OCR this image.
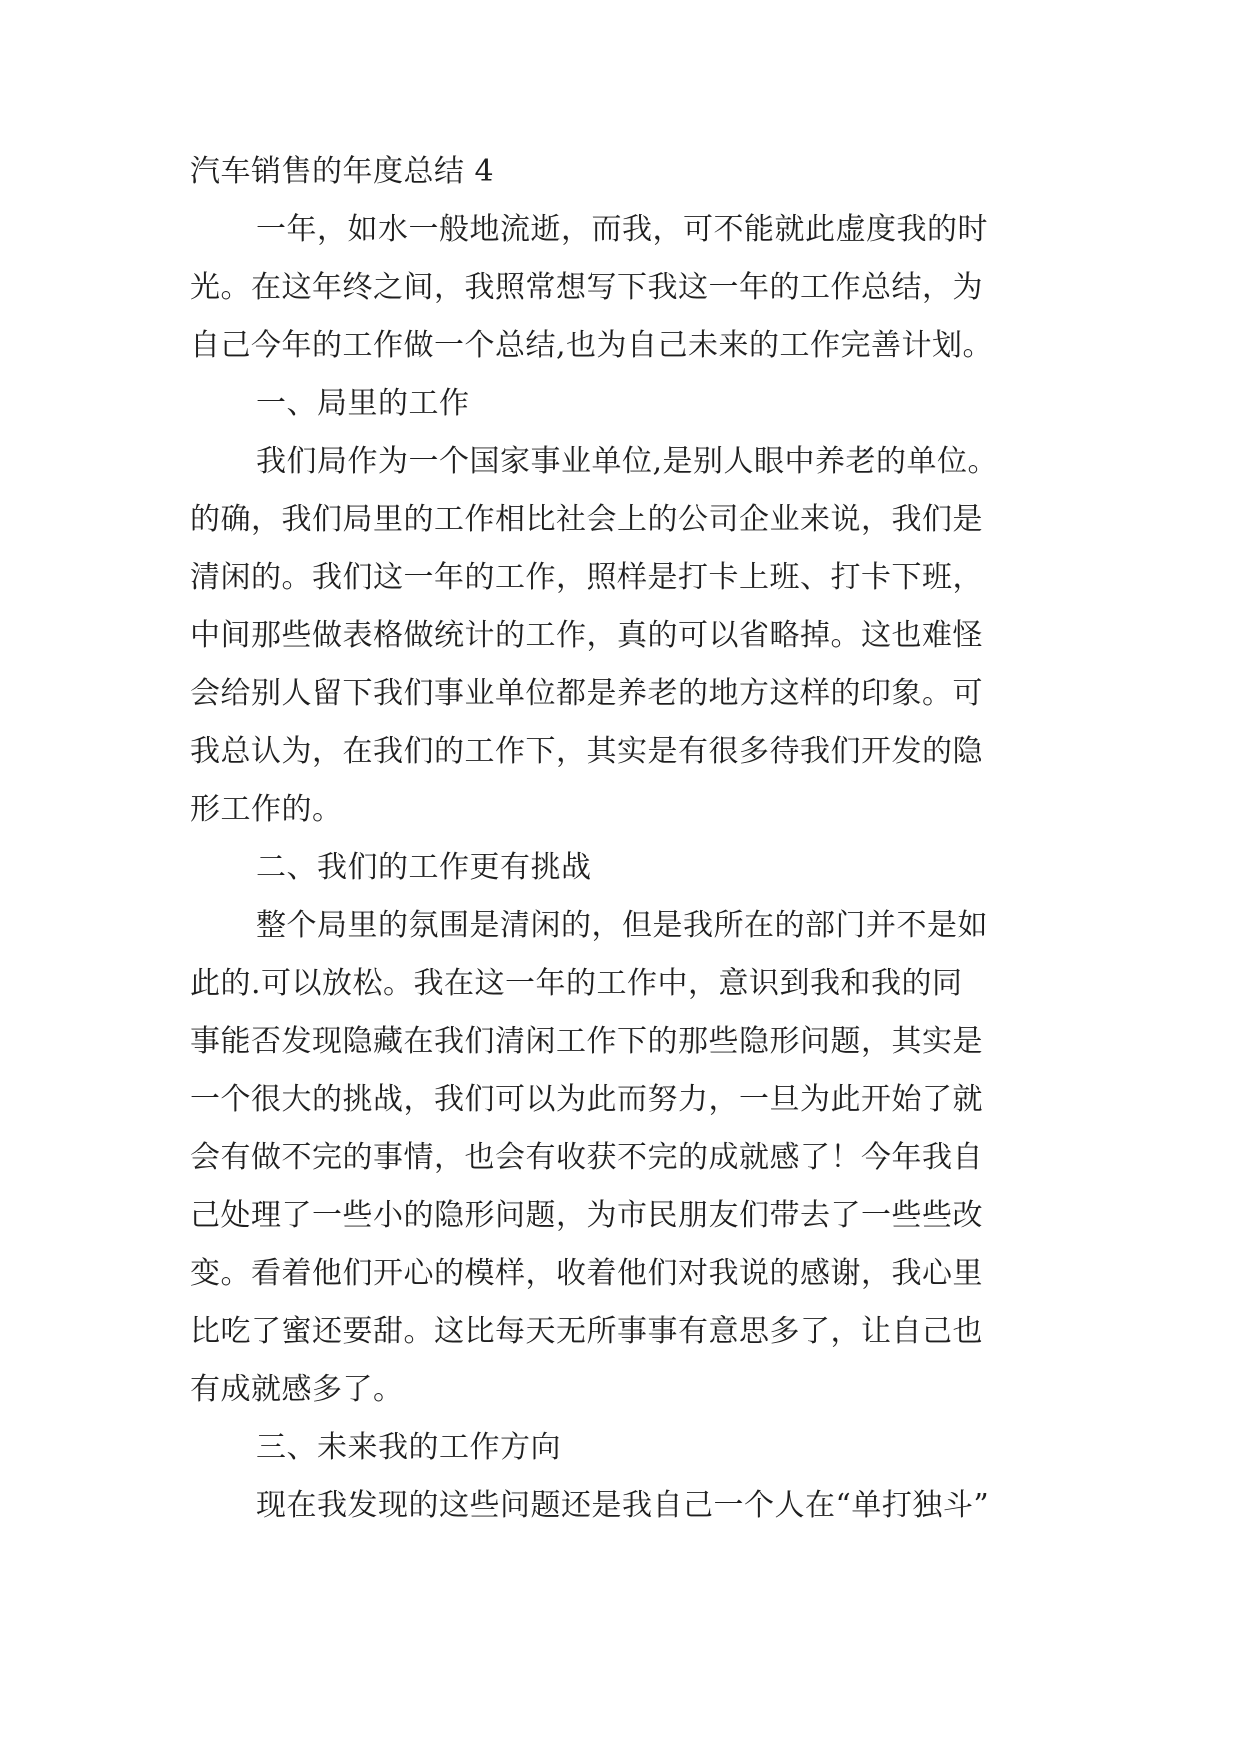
汽车销售的年度总结 4
一年，如水一般地流逝，而我，可不能就此虚度我的时
光。在这年终之间，我照常想写下我这一年的工作总结，为
自己今年的工作做一个总结,也为自己未来的工作完善计划。
一、局里的工作
我们局作为一个国家事业单位,是别人眼中养老的单位。
的确，我们局里的工作相比社会上的公司企业来说，我们是
清闲的。我们这一年的工作，照样是打卡上班、打卡下班，
中间那些做表格做统计的工作，真的可以省略掉。这也难怪
会给别人留下我们事业单位都是养老的地方这样的印象。可
我总认为，在我们的工作下，其实是有很多待我们开发的隐
形工作的。
二、我们的工作更有挑战
整个局里的氛围是清闲的，但是我所在的部门并不是如
此的.可以放松。我在这一年的工作中，意识到我和我的同
事能否发现隐藏在我们清闲工作下的那些隐形问题，其实是
一个很大的挑战，我们可以为此而努力，一旦为此开始了就
会有做不完的事情，也会有收获不完的成就感了！今年我自
己处理了一些小的隐形问题，为市民朋友们带去了一些些改
变。看着他们开心的模样，收着他们对我说的感谢，我心里
比吃了蜜还要甜。这比每天无所事事有意思多了，让自己也
有成就感多了。
三、未来我的工作方向
现在我发现的这些问题还是我自己一个人在“单打独斗”
